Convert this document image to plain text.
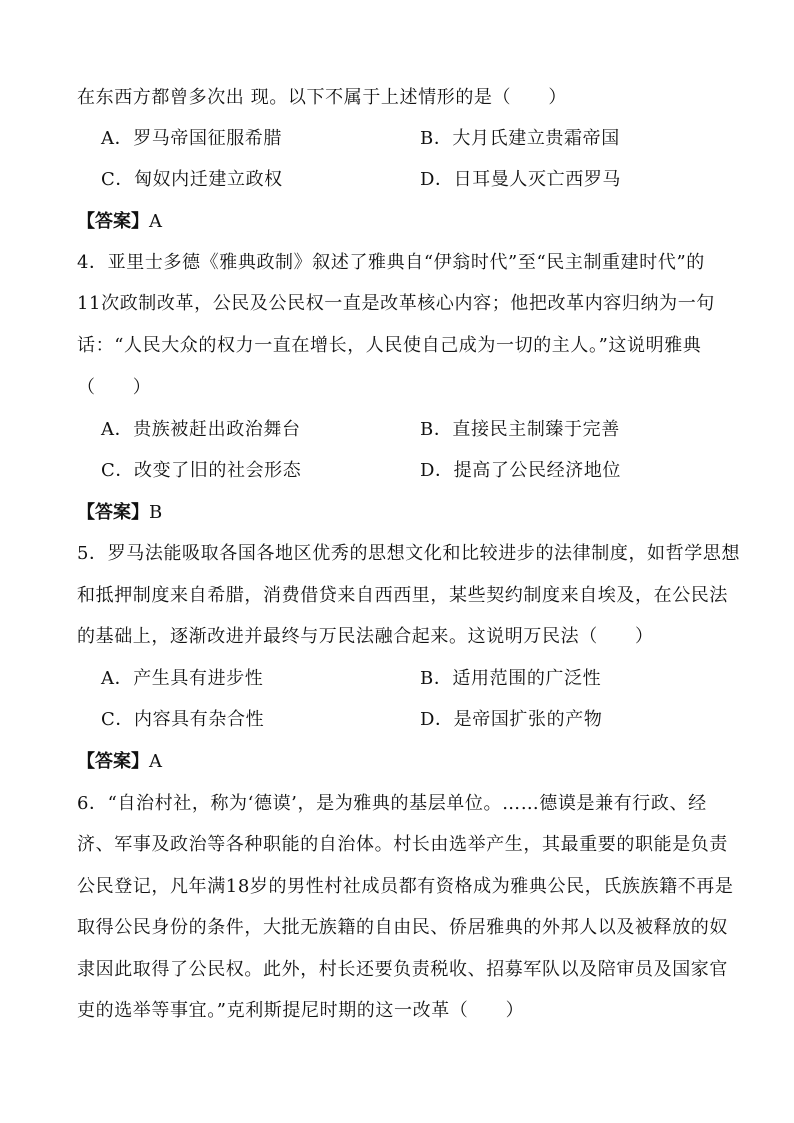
在东西方都曾多次出 现。以下不属于上述情形的是（　　）
A．罗马帝国征服希腊	B．大月氏建立贵霜帝国
C．匈奴内迁建立政权	D．日耳曼人灭亡西罗马
【答案】A
4．亚里士多德《雅典政制》叙述了雅典自“伊翁时代”至“民主制重建时代”的
11次政制改革，公民及公民权一直是改革核心内容；他把改革内容归纳为一句
话：“人民大众的权力一直在增长，人民使自己成为一切的主人。”这说明雅典
（　　）
A．贵族被赶出政治舞台	B．直接民主制臻于完善
C．改变了旧的社会形态	D．提高了公民经济地位
【答案】B
5．罗马法能吸取各国各地区优秀的思想文化和比较进步的法律制度，如哲学思想
和抵押制度来自希腊，消费借贷来自西西里，某些契约制度来自埃及，在公民法
的基础上，逐渐改进并最终与万民法融合起来。这说明万民法（　　）
A．产生具有进步性	B．适用范围的广泛性
C．内容具有杂合性	D．是帝国扩张的产物
【答案】A
6．“自治村社，称为‘德谟’，是为雅典的基层单位。……德谟是兼有行政、经
济、军事及政治等各种职能的自治体。村长由选举产生，其最重要的职能是负责
公民登记，凡年满18岁的男性村社成员都有资格成为雅典公民，氏族族籍不再是
取得公民身份的条件，大批无族籍的自由民、侨居雅典的外邦人以及被释放的奴
隶因此取得了公民权。此外，村长还要负责税收、招募军队以及陪审员及国家官
吏的选举等事宜。”克利斯提尼时期的这一改革（　　）
